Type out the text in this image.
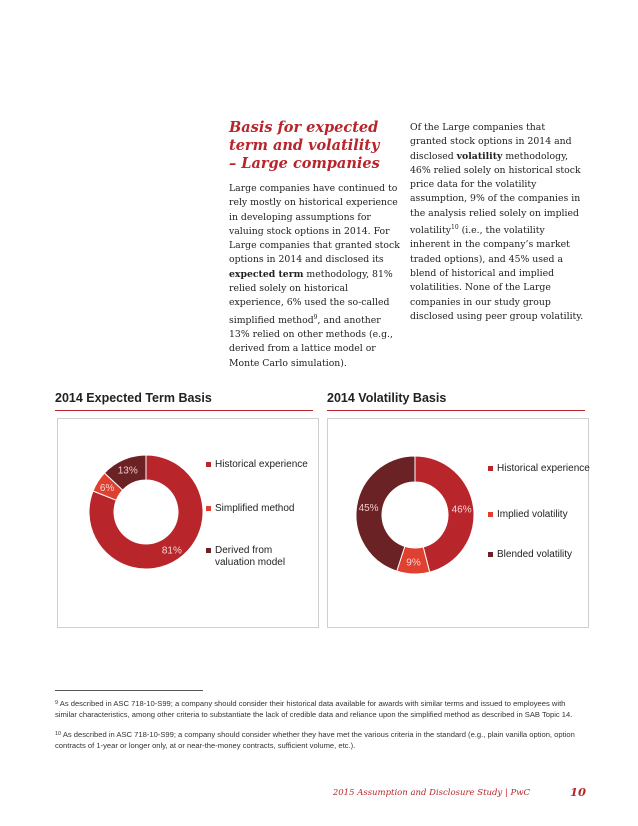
Basis for expected term and volatility – Large companies
Large companies have continued to rely mostly on historical experience in developing assumptions for valuing stock options in 2014. For Large companies that granted stock options in 2014 and disclosed its expected term methodology, 81% relied solely on historical experience, 6% used the so-called simplified method$^9$, and another 13% relied on other methods (e.g., derived from a lattice model or Monte Carlo simulation).
Of the Large companies that granted stock options in 2014 and disclosed volatility methodology, 46% relied solely on historical stock price data for the volatility assumption, 9% of the companies in the analysis relied solely on implied volatility$^{10}$ (i.e., the volatility inherent in the company’s market traded options), and 45% used a blend of historical and implied volatilities. None of the Large companies in our study group disclosed using peer group volatility.
2014 Expected Term Basis	2014 Volatility Basis
81%
6%
13%
Historical experience
Simplified method
Derived from valuation model
46%
9%
45%
Historical experience
Implied volatility
Blended volatility
$^9$ As described in ASC 718-10-S99; a company should consider their historical data available for awards with similar terms and issued to employees with similar characteristics, among other criteria to substantiate the lack of credible data and reliance upon the simplified method as described in SAB Topic 14.
$^{10}$ As described in ASC 718-10-S99; a company should consider whether they have met the various criteria in the standard (e.g., plain vanilla option, option contracts of 1-year or longer only, at or near-the-money contracts, sufficient volume, etc.).
2015 Assumption and Disclosure Study | PwC	10
